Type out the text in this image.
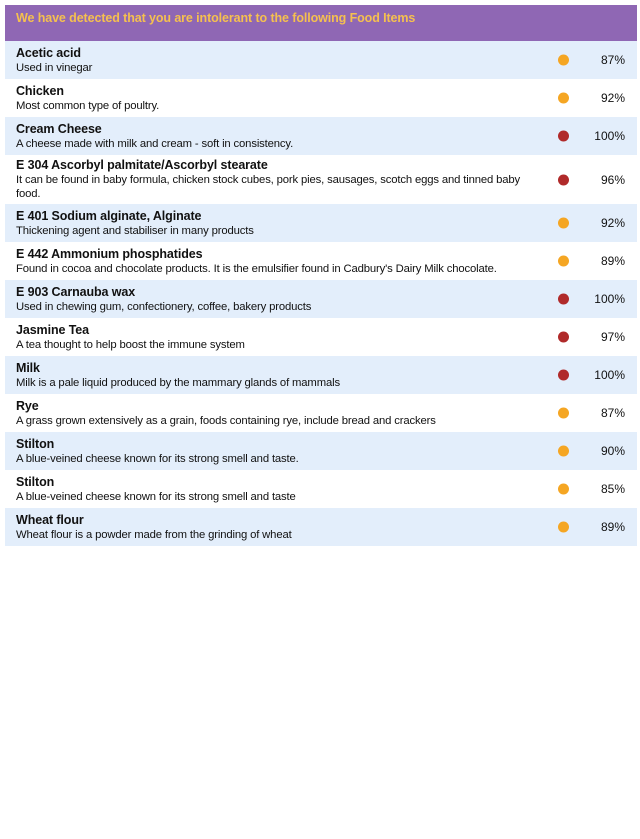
We have detected that you are intolerant to the following Food Items
Acetic acid
Used in vinegar
87%
Chicken
Most common type of poultry.
92%
Cream Cheese
A cheese made with milk and cream - soft in consistency.
100%
E 304 Ascorbyl palmitate/Ascorbyl stearate
It can be found in baby formula, chicken stock cubes, pork pies, sausages, scotch eggs and tinned baby food.
96%
E 401 Sodium alginate, Alginate
Thickening agent and stabiliser in many products
92%
E 442 Ammonium phosphatides
Found in cocoa and chocolate products. It is the emulsifier found in Cadbury's Dairy Milk chocolate.
89%
E 903 Carnauba wax
Used in chewing gum, confectionery, coffee, bakery products
100%
Jasmine Tea
A tea thought to help boost the immune system
97%
Milk
Milk is a pale liquid produced by the mammary glands of mammals
100%
Rye
A grass grown extensively as a grain, foods containing rye, include bread and crackers
87%
Stilton
A blue-veined cheese known for its strong smell and taste.
90%
Stilton
A blue-veined cheese known for its strong smell and taste
85%
Wheat flour
Wheat flour is a powder made from the grinding of wheat
89%
